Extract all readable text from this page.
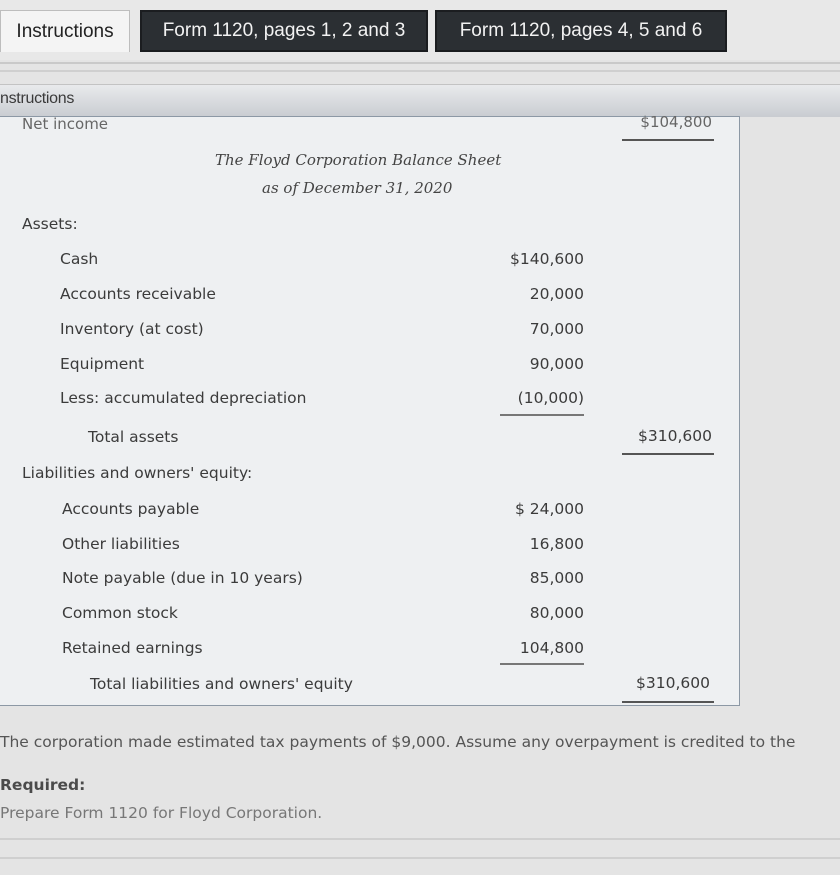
Instructions	Form 1120, pages 1, 2 and 3	Form 1120, pages 4, 5 and 6
nstructions
Net income	$104,800
The Floyd Corporation Balance Sheet
as of December 31, 2020
Assets:
Cash	$140,600
Accounts receivable	20,000
Inventory (at cost)	70,000
Equipment	90,000
Less: accumulated depreciation	(10,000)
Total assets	$310,600
Liabilities and owners' equity:
Accounts payable	$ 24,000
Other liabilities	16,800
Note payable (due in 10 years)	85,000
Common stock	80,000
Retained earnings	104,800
Total liabilities and owners' equity	$310,600
The corporation made estimated tax payments of $9,000. Assume any overpayment is credited to the
Required:
Prepare Form 1120 for Floyd Corporation.
